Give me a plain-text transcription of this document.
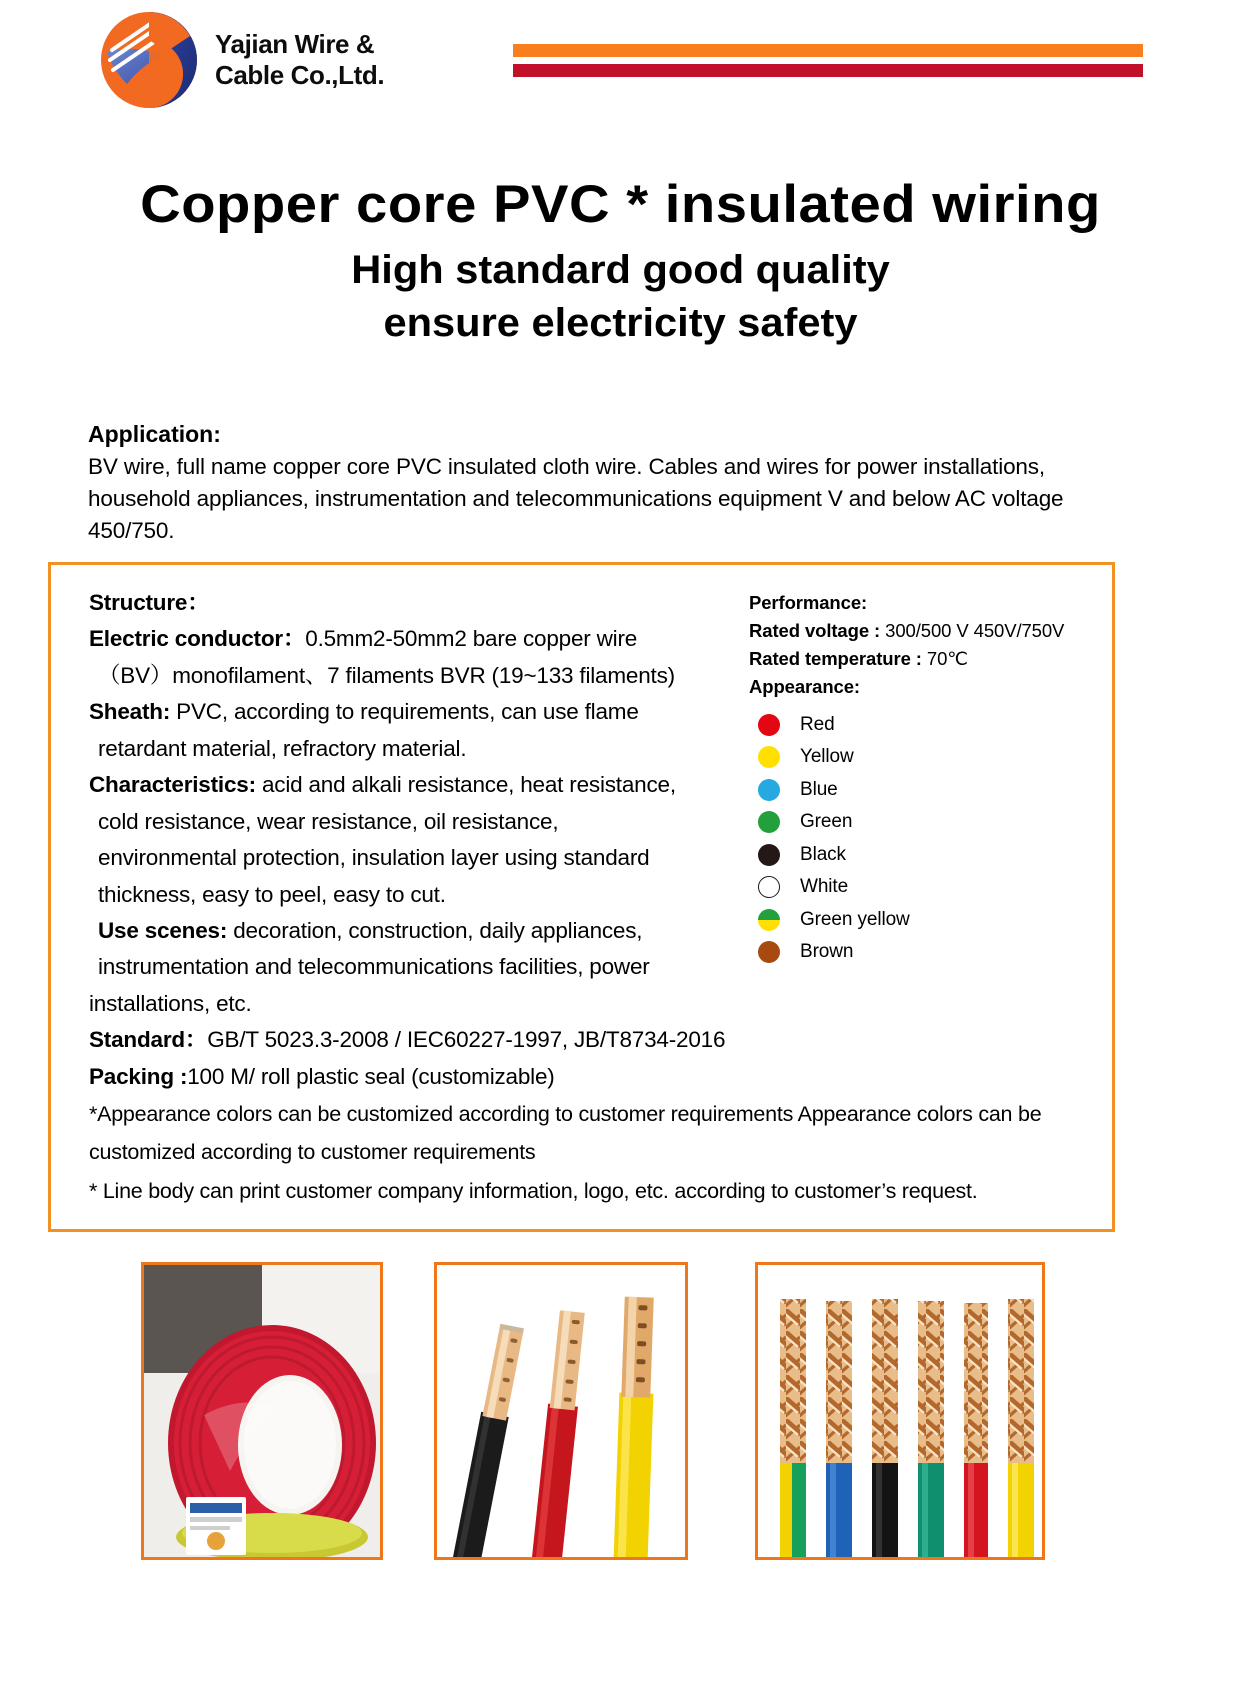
Yajian Wire &
Cable Co.,Ltd.
Copper core PVC * insulated wiring
High standard good quality
ensure electricity safety
Application:
BV wire, full name copper core PVC insulated cloth wire. Cables and wires for power installations,
household appliances, instrumentation and telecommunications equipment V and below AC voltage
450/750.
Structure：
Electric conductor：0.5mm2-50mm2 bare copper wire
（BV）monofilament、7 filaments BVR (19~133 filaments)
Sheath: PVC, according to requirements, can use flame
retardant material, refractory material.
Characteristics: acid and alkali resistance, heat resistance,
cold resistance, wear resistance, oil resistance,
environmental protection, insulation layer using standard
thickness, easy to peel, easy to cut.
Use scenes: decoration, construction, daily appliances,
instrumentation and telecommunications facilities, power
installations, etc.
Standard：GB/T 5023.3-2008 / IEC60227-1997, JB/T8734-2016
Packing :100 M/ roll plastic seal (customizable)
*Appearance colors can be customized according to customer requirements Appearance colors can be
customized according to customer requirements
* Line body can print customer company information, logo, etc. according to customer’s request.
Performance:
Rated voltage : 300/500 V 450V/750V
Rated temperature : 70℃
Appearance:
Red
Yellow
Blue
Green
Black
White
Green yellow
Brown
